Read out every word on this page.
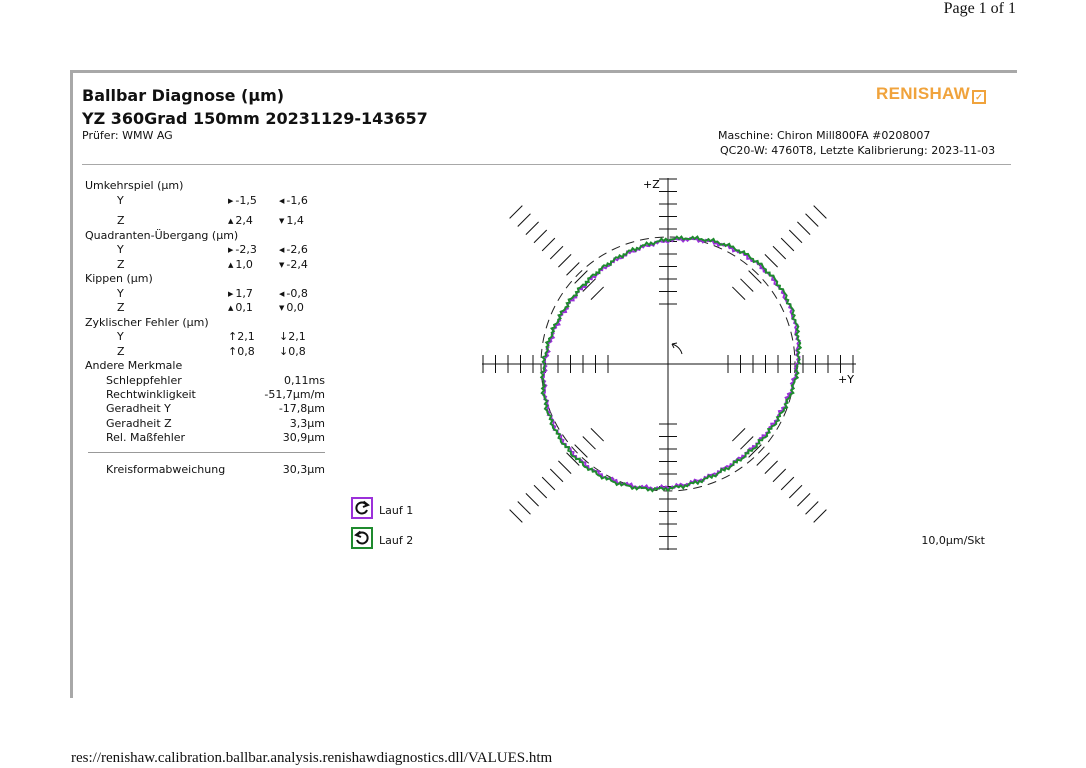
Page 1 of 1
Ballbar Diagnose (µm)
YZ 360Grad 150mm 20231129-143657
Prüfer: WMW AG	Maschine: Chiron Mill800FA #0208007
QC20-W: 4760T8, Letzte Kalibrierung: 2023-11-03
RENISHAW ✓
Umkehrspiel (µm)
Y	▶ -1,5	◀ -1,6
Z	▲ 2,4	▼ 1,4
Quadranten-Übergang (µm)
Y	▶ -2,3	◀ -2,6
Z	▲ 1,0	▼ -2,4
Kippen (µm)
Y	▶ 1,7	◀ -0,8
Z	▲ 0,1	▼ 0,0
Zyklischer Fehler (µm)
Y	↑2,1 ↓2,1
Z	↑0,8 ↓0,8
Andere Merkmale
Schleppfehler	0,11ms
Rechtwinkligkeit	-51,7µm/m
Geradheit Y	-17,8µm
Geradheit Z	3,3µm
Rel. Maßfehler	30,9µm
Kreisformabweichung	30,3µm
Lauf 1
Lauf 2	10,0µm/Skt
+Z
+Y
res://renishaw.calibration.ballbar.analysis.renishawdiagnostics.dll/VALUES.htm
